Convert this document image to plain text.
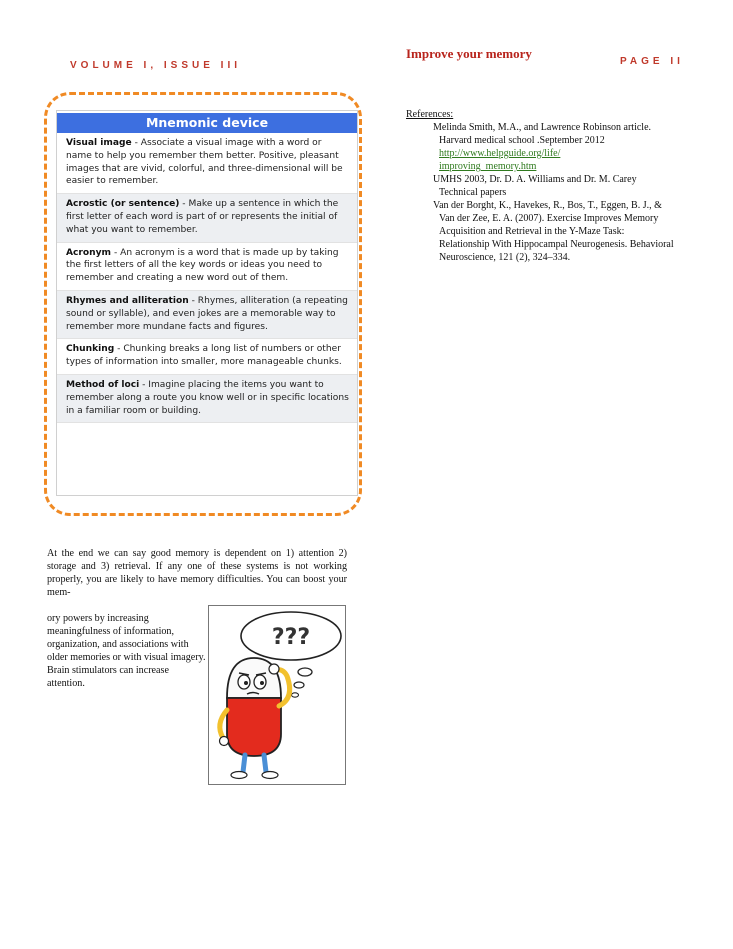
VOLUME I, ISSUE III	PAGE II
Improve your memory
Mnemonic device
Visual image - Associate a visual image with a word or name to help you remember them better. Positive, pleasant images that are vivid, colorful, and three-dimensional will be easier to remember.
Acrostic (or sentence) - Make up a sentence in which the first letter of each word is part of or represents the initial of what you want to remember.
Acronym - An acronym is a word that is made up by taking the first letters of all the key words or ideas you need to remember and creating a new word out of them.
Rhymes and alliteration - Rhymes, alliteration (a repeating sound or syllable), and even jokes are a memorable way to remember more mundane facts and figures.
Chunking - Chunking breaks a long list of numbers or other types of information into smaller, more manageable chunks.
Method of loci - Imagine placing the items you want to remember along a route you know well or in specific locations in a familiar room or building.
At the end we can say good memory is dependent on 1) attention 2) storage and 3) retrieval. If any one of these systems is not working properly, you are likely to have memory difficulties. You can boost your mem-
ory powers by increasing meaningfulness of information, organization, and associations with older memories or with visual imagery. Brain stimulators can increase attention.
???
References:
Melinda Smith, M.A., and Lawrence Robinson article. Harvard medical school .September 2012
http://www.helpguide.org/life/
improving_memory.htm
UMHS 2003, Dr. D. A. Williams and Dr. M. Carey Technical papers
Van der Borght, K., Havekes, R., Bos, T., Eggen, B. J., & Van der Zee, E. A. (2007). Exercise Improves Memory Acquisition and Retrieval in the Y-Maze Task: Relationship With Hippocampal Neurogenesis. Behavioral Neuroscience, 121 (2), 324–334.
